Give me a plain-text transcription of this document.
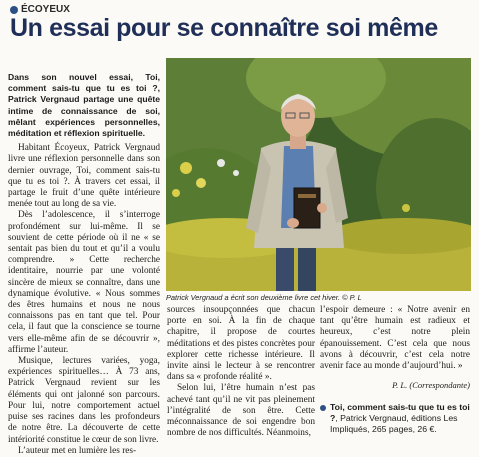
ÉCOYEUX
Un essai pour se connaître soi même

Dans son nouvel essai, Toi, comment sais-tu que tu es toi ?, Patrick Vergnaud partage une quête intime de connaissance de soi, mêlant expériences personnelles, méditation et réflexion spirituelle.

Habitant Écoyeux, Patrick Vergnaud livre une réflexion personnelle dans son dernier ouvrage, Toi, comment sais-tu que tu es toi ?. À travers cet essai, il partage le fruit d’une quête intérieure menée tout au long de sa vie.

Dès l’adolescence, il s’interroge profondément sur lui-même. Il se souvient de cette période où il ne « se sentait pas bien du tout et qu’il a voulu comprendre. » Cette recherche identitaire, nourrie par une volonté sincère de mieux se connaître, dans une dynamique évolutive. « Nous sommes des êtres humains et nous ne nous connaissons pas en tant que tel. Pour cela, il faut que la conscience se tourne vers elle-même afin de se découvrir », affirme l’auteur.

Musique, lectures variées, yoga, expériences spirituelles… À 73 ans, Patrick Vergnaud revient sur les éléments qui ont jalonné son parcours. Pour lui, notre comportement actuel puise ses racines dans les profondeurs de notre être. La découverte de cette intériorité constitue le cœur de son livre.

L’auteur met en lumière les res-

Patrick Vergnaud a écrit son deuxième livre cet hiver. © P. L

sources insoupçonnées que chacun porte en soi. À la fin de chaque chapitre, il propose de courtes méditations et des pistes concrètes pour explorer cette richesse intérieure. Il invite ainsi le lecteur à se rencontrer dans sa « profonde réalité ».

Selon lui, l’être humain n’est pas achevé tant qu’il ne vit pas pleinement l’intégralité de son être. Cette méconnaissance de soi engendre bon nombre de nos difficultés. Néanmoins,

l’espoir demeure : « Notre avenir en tant qu’être humain est radieux et heureux, c’est notre plein épanouissement. C’est cela que nous avons à découvrir, c’est cela notre avenir face au monde d’aujourd’hui. »

P. L. (Correspondante)

Toi, comment sais-tu que tu es toi ?, Patrick Vergnaud, éditions Les Impliqués, 265 pages, 26 €.
